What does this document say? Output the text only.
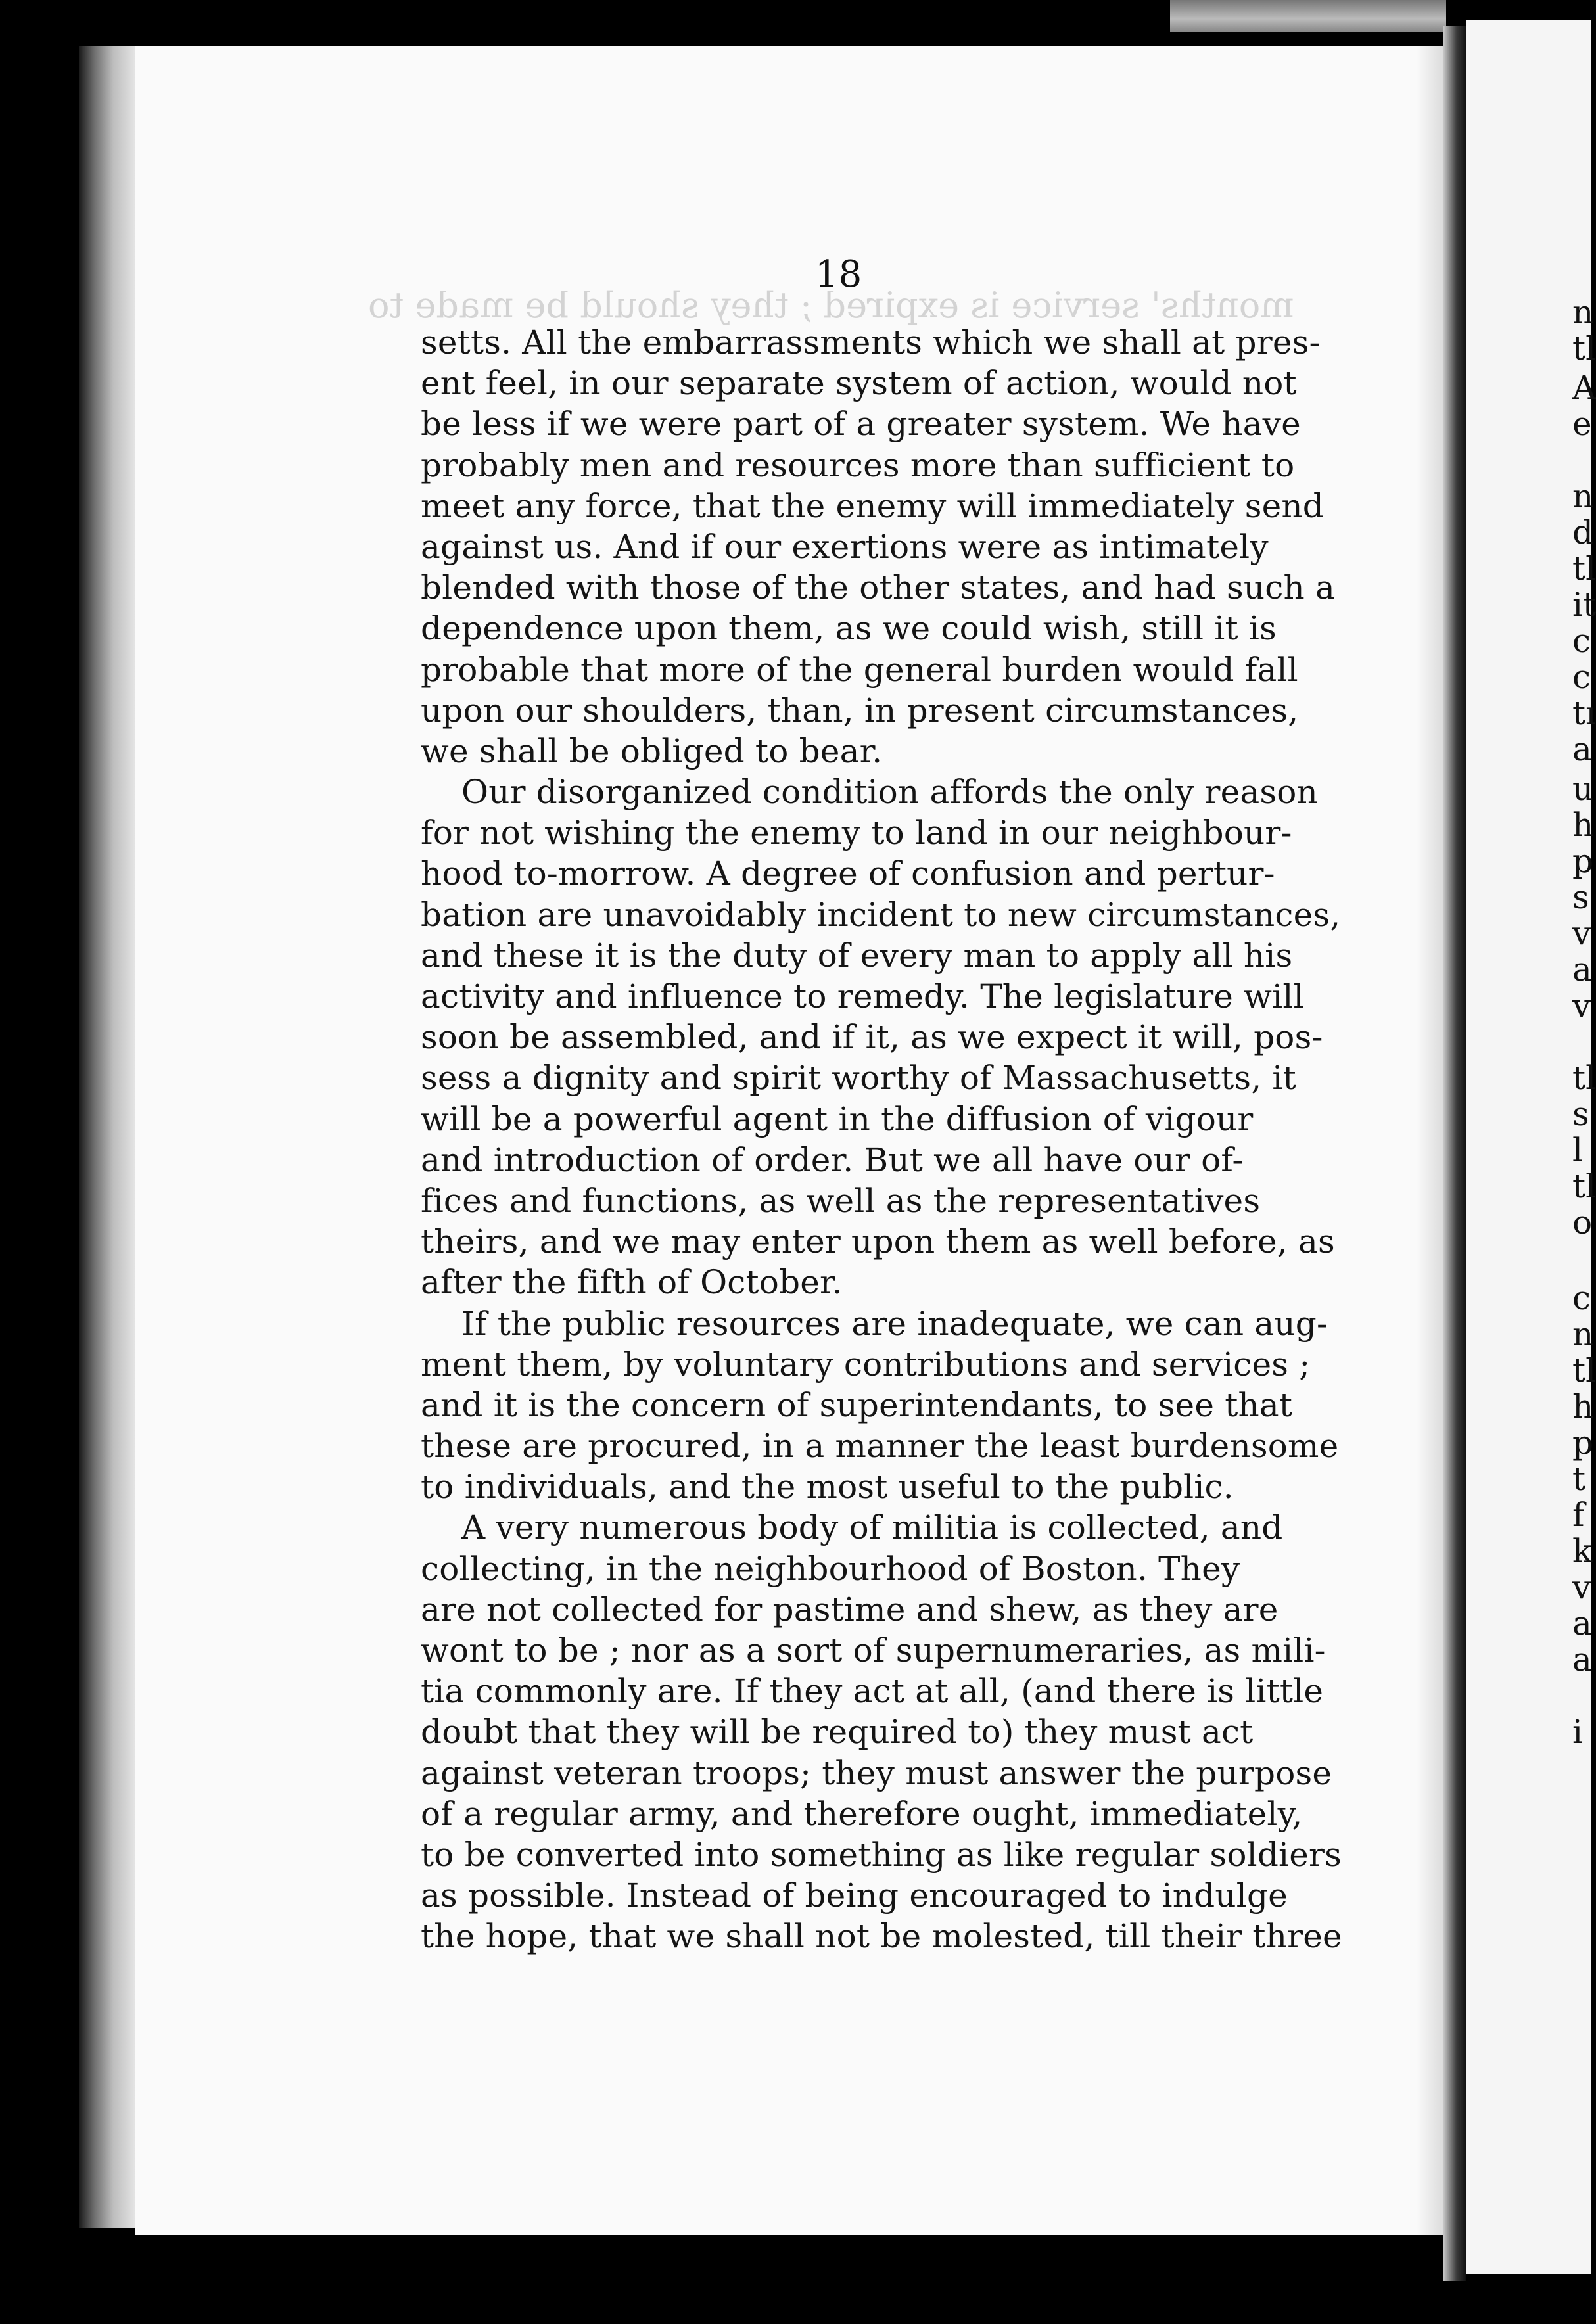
18
months' service is expired ; they should be made to
setts. All the embarrassments which we shall at pres-
ent feel, in our separate system of action, would not
be less if we were part of a greater system. We have
probably men and resources more than sufficient to
meet any force, that the enemy will immediately send
against us. And if our exertions were as intimately
blended with those of the other states, and had such a
dependence upon them, as we could wish, still it is
probable that more of the general burden would fall
upon our shoulders, than, in present circumstances,
we shall be obliged to bear.
Our disorganized condition affords the only reason
for not wishing the enemy to land in our neighbour-
hood to-morrow. A degree of confusion and pertur-
bation are unavoidably incident to new circumstances,
and these it is the duty of every man to apply all his
activity and influence to remedy. The legislature will
soon be assembled, and if it, as we expect it will, pos-
sess a dignity and spirit worthy of Massachusetts, it
will be a powerful agent in the diffusion of vigour
and introduction of order. But we all have our of-
fices and functions, as well as the representatives
theirs, and we may enter upon them as well before, as
after the fifth of October.
If the public resources are inadequate, we can aug-
ment them, by voluntary contributions and services ;
and it is the concern of superintendants, to see that
these are procured, in a manner the least burdensome
to individuals, and the most useful to the public.
A very numerous body of militia is collected, and
collecting, in the neighbourhood of Boston. They
are not collected for pastime and shew, as they are
wont to be ; nor as a sort of supernumeraries, as mili-
tia commonly are. If they act at all, (and there is little
doubt that they will be required to) they must act
against veteran troops; they must answer the purpose
of a regular army, and therefore ought, immediately,
to be converted into something as like regular soldiers
as possible. Instead of being encouraged to indulge
the hope, that we shall not be molested, till their three
n
tl
A
e
n
d
tl
it
c
c
tı
a
u
h
p
s
v
a
v
tl
s
l
tl
o
c
n
tl
h
p
t
f
k
v
a
a
i
